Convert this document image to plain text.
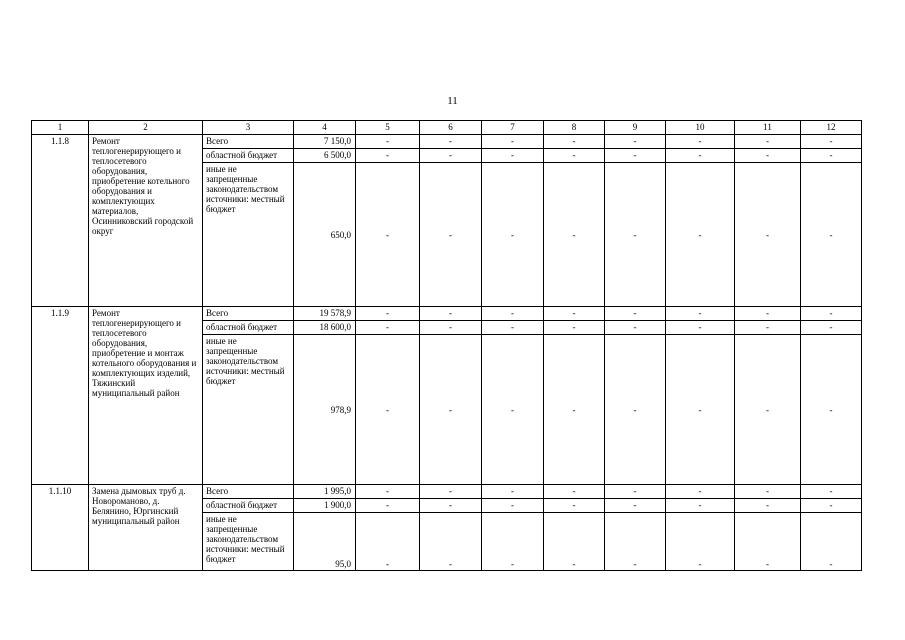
11
1	2	3	4	5	6	7	8	9	10	11	12
1.1.8	Ремонт теплогенерирующего и теплосетевого оборудования, приобретение котельного оборудования и комплектующих материалов, Осинниковский городской округ	Всего	7 150,0	-	-	-	-	-	-	-	-
		областной бюджет	6 500,0	-	-	-	-	-	-	-	-
		иные не запрещенные законодательством источники: местный бюджет	650,0	-	-	-	-	-	-	-	-
1.1.9	Ремонт теплогенерирующего и теплосетевого оборудования, приобретение и монтаж котельного оборудования и комплектующих изделий, Тяжинский муниципальный район	Всего	19 578,9	-	-	-	-	-	-	-	-
		областной бюджет	18 600,0	-	-	-	-	-	-	-	-
		иные не запрещенные законодательством источники: местный бюджет	978,9	-	-	-	-	-	-	-	-
1.1.10	Замена дымовых труб д. Новороманово, д. Белянино, Юргинский муниципальный район	Всего	1 995,0	-	-	-	-	-	-	-	-
		областной бюджет	1 900,0	-	-	-	-	-	-	-	-
		иные не запрещенные законодательством источники: местный бюджет	95,0	-	-	-	-	-	-	-	-
